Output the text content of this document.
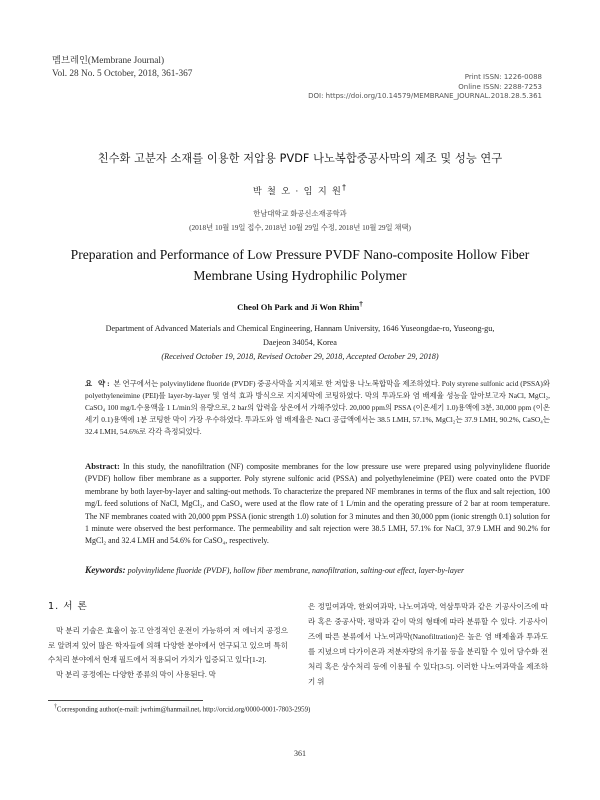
멤브레인(Membrane Journal)
Vol. 28 No. 5 October, 2018, 361-367	Print ISSN: 1226-0088
Online ISSN: 2288-7253
DOI: https://doi.org/10.14579/MEMBRANE_JOURNAL.2018.28.5.361
친수화 고분자 소재를 이용한 저압용 PVDF 나노복합중공사막의 제조 및 성능 연구
박 철 오 · 임 지 원†
한남대학교 화공신소재공학과
(2018년 10월 19일 접수, 2018년 10월 29일 수정, 2018년 10월 29일 채택)
Preparation and Performance of Low Pressure PVDF Nano-composite Hollow Fiber Membrane Using Hydrophilic Polymer
Cheol Oh Park and Ji Won Rhim†
Department of Advanced Materials and Chemical Engineering, Hannam University, 1646 Yuseongdae-ro, Yuseong-gu,
Daejeon 34054, Korea
(Received October 19, 2018, Revised October 29, 2018, Accepted October 29, 2018)
요 약: 본 연구에서는 polyvinylidene fluoride (PVDF) 중공사막을 지지체로 한 저압용 나노복합막을 제조하였다. Poly styrene sulfonic acid (PSSA)와 polyethyleneimine (PEI)를 layer-by-layer 및 염석 효과 방식으로 지지체막에 코팅하였다. 막의 투과도와 염 배제율 성능을 알아보고자 NaCl, MgCl₂, CaSO₄ 100 mg/L수용액을 1 L/min의 유량으로, 2 bar의 압력을 상온에서 가해주었다. 20,000 ppm의 PSSA (이온세기 1.0)용액에 3분, 30,000 ppm (이온세기 0.1)용액에 1분 코팅한 막이 가장 우수하였다. 투과도와 염 배제율은 NaCl 공급액에서는 38.5 LMH, 57.1%, MgCl₂는 37.9 LMH, 90.2%, CaSO₄는 32.4 LMH, 54.6%로 각각 측정되었다.
Abstract: In this study, the nanofiltration (NF) composite membranes for the low pressure use were prepared using polyvinylidene fluoride (PVDF) hollow fiber membrane as a supporter. Poly styrene sulfonic acid (PSSA) and polyethyleneimine (PEI) were coated onto the PVDF membrane by both layer-by-layer and salting-out methods. To characterize the prepared NF membranes in terms of the flux and salt rejection, 100 mg/L feed solutions of NaCl, MgCl₂, and CaSO₄ were used at the flow rate of 1 L/min and the operating pressure of 2 bar at room temperature. The NF membranes coated with 20,000 ppm PSSA (ionic strength 1.0) solution for 3 minutes and then 30,000 ppm (ionic strength 0.1) solution for 1 minute were observed the best performance. The permeability and salt rejection were 38.5 LMH, 57.1% for NaCl, 37.9 LMH and 90.2% for MgCl₂ and 32.4 LMH and 54.6% for CaSO₄, respectively.
Keywords: polyvinylidene fluoride (PVDF), hollow fiber membrane, nanofiltration, salting-out effect, layer-by-layer
1. 서 론

막 분리 기술은 효율이 높고 안정적인 운전이 가능하여 저 에너지 공정으로 알려져 있어 많은 학자들에 의해 다양한 분야에서 연구되고 있으며 특히 수처리 분야에서 현재 필드에서 적용되어 가치가 입증되고 있다[1-2].

막 분리 공정에는 다양한 종류의 막이 사용된다. 막

은 정밀여과막, 한외여과막, 나노여과막, 역삼투막과 같은 기공사이즈에 따라 혹은 중공사막, 평막과 같이 막의 형태에 따라 분류할 수 있다. 기공사이즈에 따른 분류에서 나노여과막(Nanofiltration)은 높은 염 배제율과 투과도를 지녔으며 다가이온과 저분자량의 유기물 등을 분리할 수 있어 담수화 전처리 혹은 상수처리 등에 이용될 수 있다[3-5]. 이러한 나노여과막을 제조하기 위

†Corresponding author(e-mail: jwrhim@hanmail.net, http://orcid.org/0000-0001-7803-2959)
361
